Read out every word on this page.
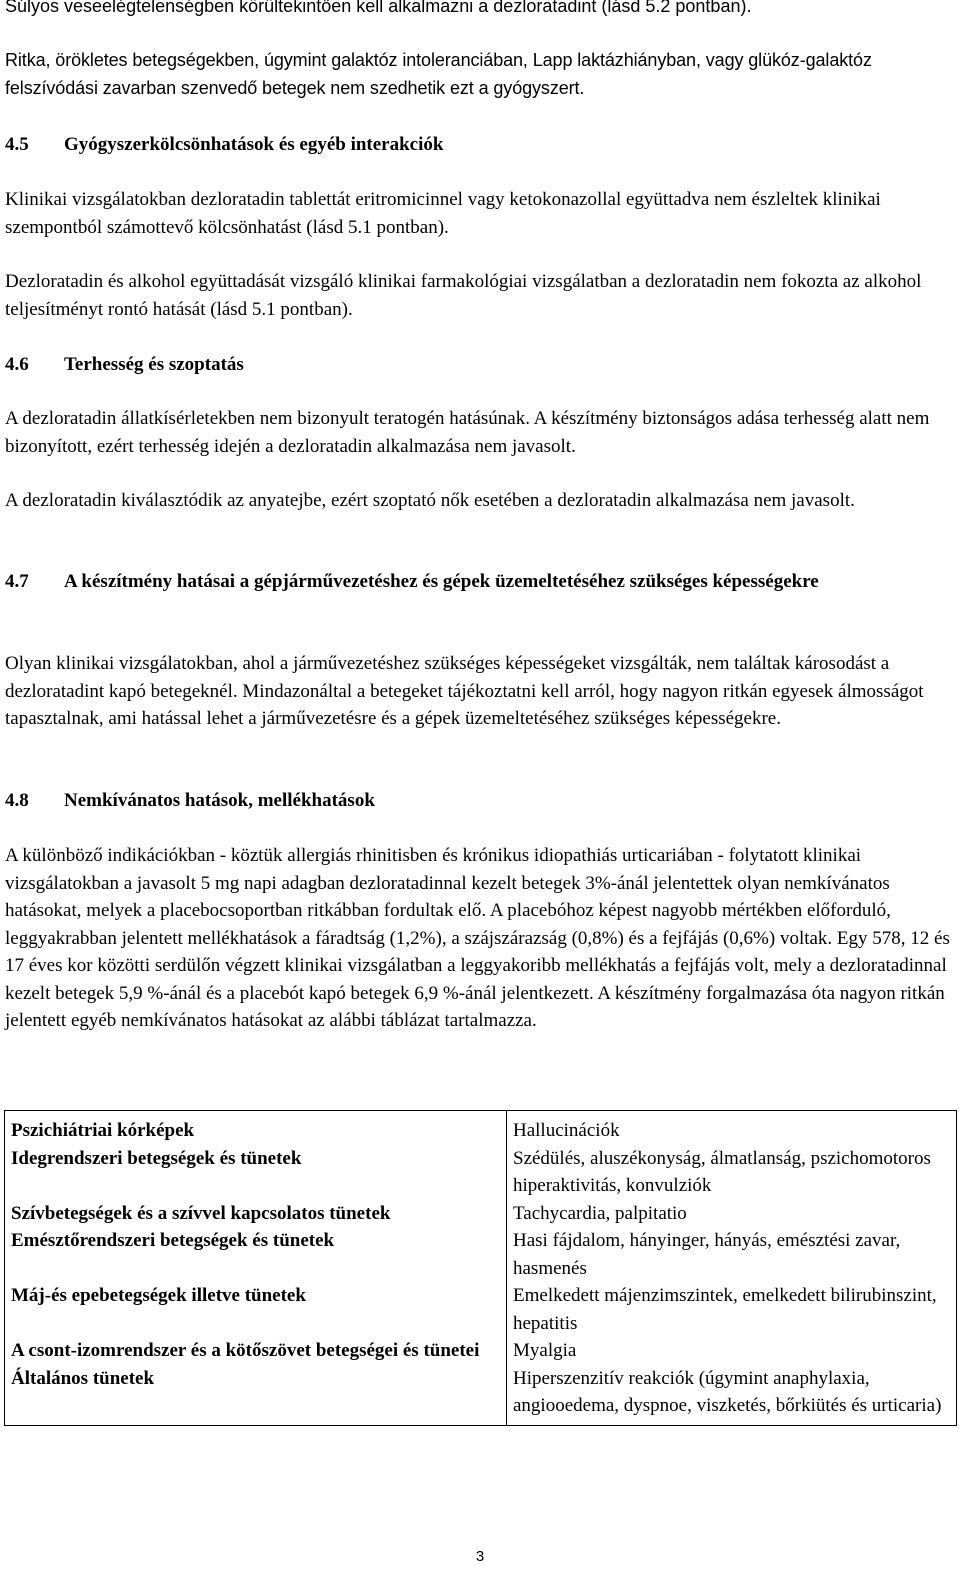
Súlyos veseelégtelenségben körültekintően kell alkalmazni a dezloratadint (lásd 5.2 pontban).

Ritka, örökletes betegségekben, úgymint galaktóz intoleranciában, Lapp laktázhiányban, vagy glükóz-galaktóz felszívódási zavarban szenvedő betegek nem szedhetik ezt a gyógyszert.

4.5	Gyógyszerkölcsönhatások és egyéb interakciók

Klinikai vizsgálatokban dezloratadin tablettát eritromicinnel vagy ketokonazollal együttadva nem észleltek klinikai szempontból számottevő kölcsönhatást (lásd 5.1 pontban).

Dezloratadin és alkohol együttadását vizsgáló klinikai farmakológiai vizsgálatban a dezloratadin nem fokozta az alkohol teljesítményt rontó hatását (lásd 5.1 pontban).

4.6	Terhesség és szoptatás

A dezloratadin állatkísérletekben nem bizonyult teratogén hatásúnak. A készítmény biztonságos adása terhesség alatt nem bizonyított, ezért terhesség idején a dezloratadin alkalmazása nem javasolt.

A dezloratadin kiválasztódik az anyatejbe, ezért szoptató nők esetében a dezloratadin alkalmazása nem javasolt.

4.7	A készítmény hatásai a gépjárművezetéshez és gépek üzemeltetéséhez szükséges képességekre

Olyan klinikai vizsgálatokban, ahol a járművezetéshez szükséges képességeket vizsgálták, nem találtak károsodást a dezloratadint kapó betegeknél. Mindazonáltal a betegeket tájékoztatni kell arról, hogy nagyon ritkán egyesek álmosságot tapasztalnak, ami hatással lehet a járművezetésre és a gépek üzemeltetéséhez szükséges képességekre.

4.8	Nemkívánatos hatások, mellékhatások

A különböző indikációkban - köztük allergiás rhinitisben és krónikus idiopathiás urticariában - folytatott klinikai vizsgálatokban a javasolt 5 mg napi adagban dezloratadinnal kezelt betegek 3%-ánál jelentettek olyan nemkívánatos hatásokat, melyek a placebocsoportban ritkábban fordultak elő. A placebóhoz képest nagyobb mértékben előforduló, leggyakrabban jelentett mellékhatások a fáradtság (1,2%), a szájszárazság (0,8%) és a fejfájás (0,6%) voltak. Egy 578, 12 és 17 éves kor közötti serdülőn végzett klinikai vizsgálatban a leggyakoribb mellékhatás a fejfájás volt, mely a dezloratadinnal kezelt betegek 5,9 %-ánál és a placebót kapó betegek 6,9 %-ánál jelentkezett. A készítmény forgalmazása óta nagyon ritkán jelentett egyéb nemkívánatos hatásokat az alábbi táblázat tartalmazza.

Pszichiátriai kórképek	Hallucinációk
Idegrendszeri betegségek és tünetek	Szédülés, aluszékonyság, álmatlanság, pszichomotoros hiperaktivitás, konvulziók
Szívbetegségek és a szívvel kapcsolatos tünetek	Tachycardia, palpitatio
Emésztőrendszeri betegségek és tünetek	Hasi fájdalom, hányinger, hányás, emésztési zavar, hasmenés
Máj-és epebetegségek illetve tünetek	Emelkedett májenzimszintek, emelkedett bilirubinszint, hepatitis
A csont-izomrendszer és a kötőszövet betegségei és tünetei	Myalgia
Általános tünetek	Hiperszenzitív reakciók (úgymint anaphylaxia, angiooedema, dyspnoe, viszketés, bőrkiütés és urticaria)
3
